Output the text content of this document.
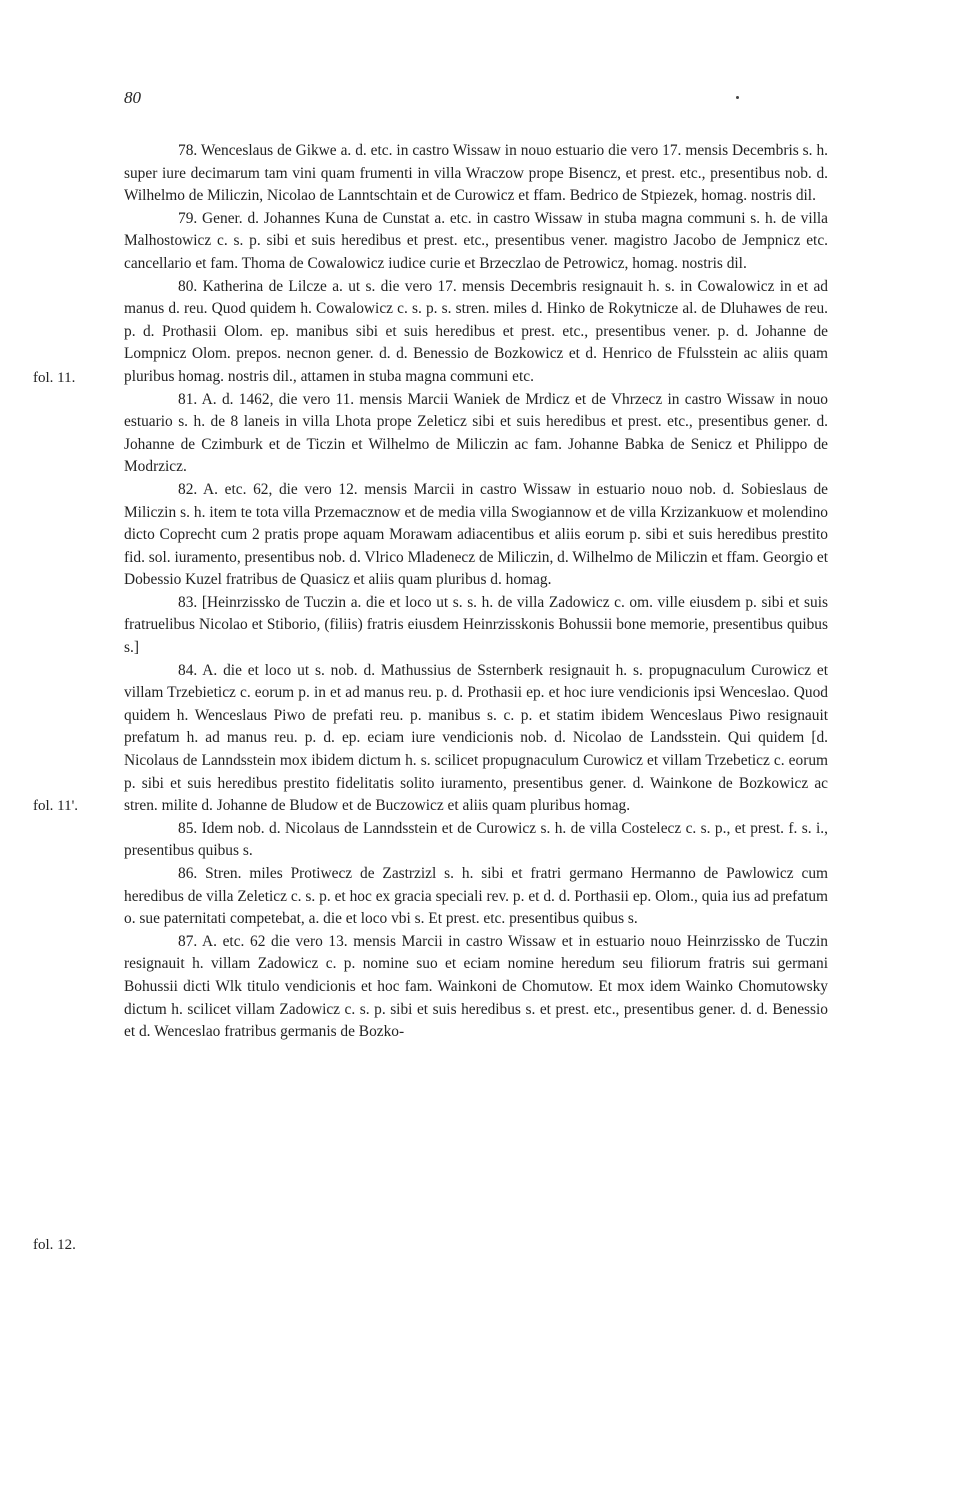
80
fol. 11.
fol. 11'.
fol. 12.

78. Wenceslaus de Gikwe a. d. etc. in castro Wissaw in nouo estuario die vero 17. mensis Decembris s. h. super iure decimarum tam vini quam frumenti in villa Wraczow prope Bisencz, et prest. etc., presentibus nob. d. Wilhelmo de Miliczin, Nicolao de Lanntschtain et de Curowicz et ffam. Bedrico de Stpiezek, homag. nostris dil.

79. Gener. d. Johannes Kuna de Cunstat a. etc. in castro Wissaw in stuba magna communi s. h. de villa Malhostowicz c. s. p. sibi et suis heredibus et prest. etc., presentibus vener. magistro Jacobo de Jempnicz etc. cancellario et fam. Thoma de Cowalowicz iudice curie et Brzeczlao de Petrowicz, homag. nostris dil.

80. Katherina de Lilcze a. ut s. die vero 17. mensis Decembris resignauit h. s. in Cowalowicz in et ad manus d. reu. Quod quidem h. Cowalowicz c. s. p. s. stren. miles d. Hinko de Rokytnicze al. de Dluhawes de reu. p. d. Prothasii Olom. ep. manibus sibi et suis heredibus et prest. etc., presentibus vener. p. d. Johanne de Lompnicz Olom. prepos. necnon gener. d. d. Benessio de Bozkowicz et d. Henrico de Ffulsstein ac aliis quam pluribus homag. nostris dil., attamen in stuba magna communi etc.

81. A. d. 1462, die vero 11. mensis Marcii Waniek de Mrdicz et de Vhrzecz in castro Wissaw in nouo estuario s. h. de 8 laneis in villa Lhota prope Zeleticz sibi et suis heredibus et prest. etc., presentibus gener. d. Johanne de Czimburk et de Ticzin et Wilhelmo de Miliczin ac fam. Johanne Babka de Senicz et Philippo de Modrzicz.

82. A. etc. 62, die vero 12. mensis Marcii in castro Wissaw in estuario nouo nob. d. Sobieslaus de Miliczin s. h. item te tota villa Przemacznow et de media villa Swogiannow et de villa Krzizankuow et molendino dicto Coprecht cum 2 pratis prope aquam Morawam adiacentibus et aliis eorum p. sibi et suis heredibus prestito fid. sol. iuramento, presentibus nob. d. Vlrico Mladenecz de Miliczin, d. Wilhelmo de Miliczin et ffam. Georgio et Dobessio Kuzel fratribus de Quasicz et aliis quam pluribus d. homag.

83. [Heinrzissko de Tuczin a. die et loco ut s. s. h. de villa Zadowicz c. om. ville eiusdem p. sibi et suis fratruelibus Nicolao et Stiborio, (filiis) fratris eiusdem Heinrzisskonis Bohussii bone memorie, presentibus quibus s.]

84. A. die et loco ut s. nob. d. Mathussius de Ssternberk resignauit h. s. propugnaculum Curowicz et villam Trzebieticz c. eorum p. in et ad manus reu. p. d. Prothasii ep. et hoc iure vendicionis ipsi Wenceslao. Quod quidem h. Wenceslaus Piwo de prefati reu. p. manibus s. c. p. et statim ibidem Wenceslaus Piwo resignauit prefatum h. ad manus reu. p. d. ep. eciam iure vendicionis nob. d. Nicolao de Landsstein. Qui quidem [d. Nicolaus de Lanndsstein mox ibidem dictum h. s. scilicet propugnaculum Curowicz et villam Trzebeticz c. eorum p. sibi et suis heredibus prestito fidelitatis solito iuramento, presentibus gener. d. Wainkone de Bozkowicz ac stren. milite d. Johanne de Bludow et de Buczowicz et aliis quam pluribus homag.

85. Idem nob. d. Nicolaus de Lanndsstein et de Curowicz s. h. de villa Costelecz c. s. p., et prest. f. s. i., presentibus quibus s.

86. Stren. miles Protiwecz de Zastrzizl s. h. sibi et fratri germano Hermanno de Pawlowicz cum heredibus de villa Zeleticz c. s. p. et hoc ex gracia speciali rev. p. et d. d. Porthasii ep. Olom., quia ius ad prefatum o. sue paternitati competebat, a. die et loco vbi s. Et prest. etc. presentibus quibus s.

87. A. etc. 62 die vero 13. mensis Marcii in castro Wissaw et in estuario nouo Heinrzissko de Tuczin resignauit h. villam Zadowicz c. p. nomine suo et eciam nomine heredum seu filiorum fratris sui germani Bohussii dicti Wlk titulo vendicionis et hoc fam. Wainkoni de Chomutow. Et mox idem Wainko Chomutowsky dictum h. scilicet villam Zadowicz c. s. p. sibi et suis heredibus s. et prest. etc., presentibus gener. d. d. Benessio et d. Wenceslao fratribus germanis de Bozko-
